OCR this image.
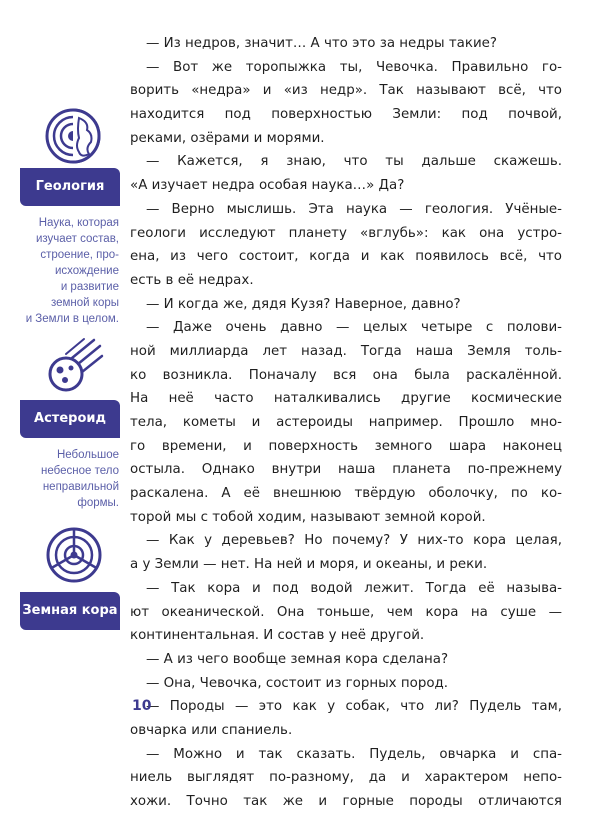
Геология
Наука, которая
изучает состав,
строение, про-
исхождение
и развитие
земной коры
и Земли в целом.
Астероид
Небольшое
небесное тело
неправильной
формы.
Земная кора
— Из недров, значит… А что это за недры такие?
— Вот же торопыжка ты, Чевочка. Правильно го-
ворить «недра» и «из недр». Так называют всё, что
находится под поверхностью Земли: под почвой,
реками, озёрами и морями.
— Кажется, я знаю, что ты дальше скажешь.
«А изучает недра особая наука…» Да?
— Верно мыслишь. Эта наука — геология. Учёные-
геологи исследуют планету «вглубь»: как она устро-
ена, из чего состоит, когда и как появилось всё, что
есть в её недрах.
— И когда же, дядя Кузя? Наверное, давно?
— Даже очень давно — целых четыре с полови-
ной миллиарда лет назад. Тогда наша Земля толь-
ко возникла. Поначалу вся она была раскалённой.
На неё часто наталкивались другие космические
тела, кометы и астероиды например. Прошло мно-
го времени, и поверхность земного шара наконец
остыла. Однако внутри наша планета по-прежнему
раскалена. А её внешнюю твёрдую оболочку, по ко-
торой мы с тобой ходим, называют земной корой.
— Как у деревьев? Но почему? У них-то кора целая,
а у Земли — нет. На ней и моря, и океаны, и реки.
— Так кора и под водой лежит. Тогда её называ-
ют океанической. Она тоньше, чем кора на суше —
континентальная. И состав у неё другой.
— А из чего вообще земная кора сделана?
— Она, Чевочка, состоит из горных пород.
— Породы — это как у собак, что ли? Пудель там,
овчарка или спаниель.
— Можно и так сказать. Пудель, овчарка и спа-
ниель выглядят по-разному, да и характером непо-
хожи. Точно так же и горные породы отличаются
10
